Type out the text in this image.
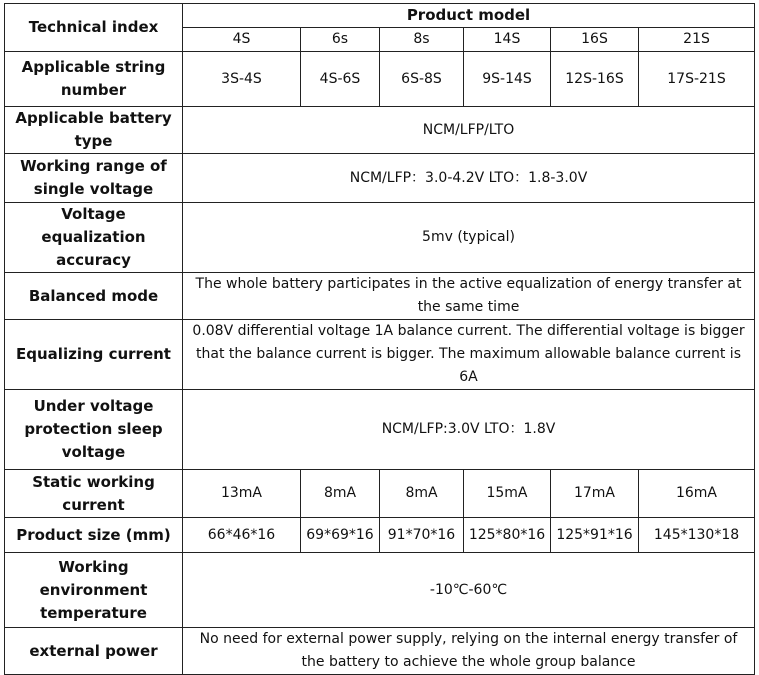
Technical index	Product model					
	4S	6s	8s	14S	16S	21S
Applicable string number	3S-4S	4S-6S	6S-8S	9S-14S	12S-16S	17S-21S
Applicable battery type	NCM/LFP/LTO					
Working range of single voltage	NCM/LFP：3.0-4.2V LTO：1.8-3.0V					
Voltage equalization accuracy	5mv (typical)					
Balanced mode	The whole battery participates in the active equalization of energy transfer at the same time					
Equalizing current	0.08V differential voltage 1A balance current. The differential voltage is bigger that the balance current is bigger. The maximum allowable balance current is 6A					
Under voltage protection sleep voltage	NCM/LFP:3.0V LTO：1.8V					
Static working current	13mA	8mA	8mA	15mA	17mA	16mA
Product size (mm)	66*46*16	69*69*16	91*70*16	125*80*16	125*91*16	145*130*18
Working environment temperature	-10℃-60℃					
external power	No need for external power supply, relying on the internal energy transfer of the battery to achieve the whole group balance					
